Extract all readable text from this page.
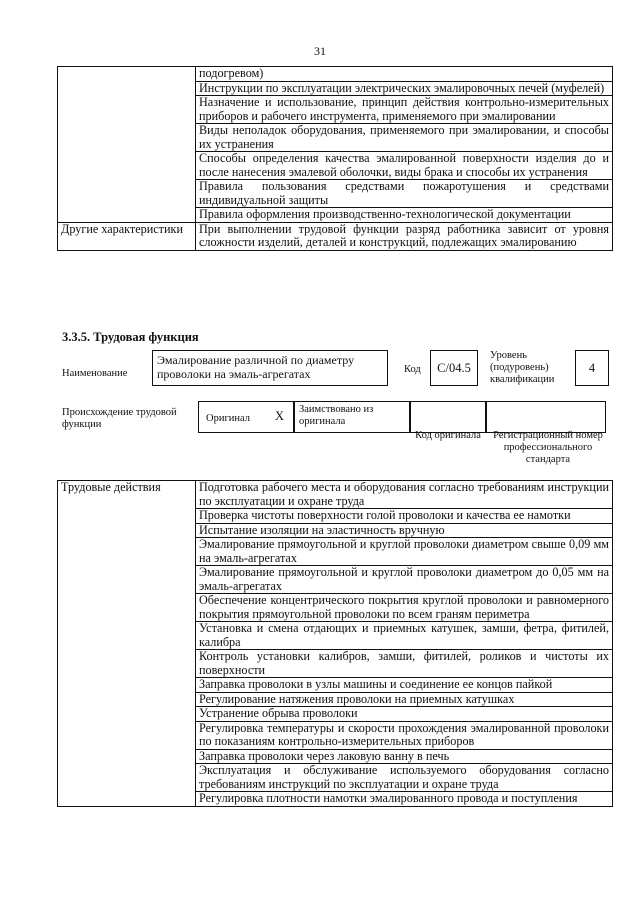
31
	подогревом)
	Инструкции по эксплуатации электрических эмалировочных печей (муфелей)
	Назначение и использование, принцип действия контрольно-измерительных приборов и рабочего инструмента, применяемого при эмалировании
	Виды неполадок оборудования, применяемого при эмалировании, и способы их устранения
	Способы определения качества эмалированной поверхности изделия до и после нанесения эмалевой оболочки, виды брака и способы их устранения
	Правила пользования средствами пожаротушения и средствами индивидуальной защиты
	Правила оформления производственно-технологической документации
Другие характеристики	При выполнении трудовой функции разряд работника зависит от уровня сложности изделий, деталей и конструкций, подлежащих эмалированию
3.3.5. Трудовая функция
Наименование
Эмалирование различной по диаметру проволоки на эмаль-агрегатах	Код	C/04.5
Уровень (подуровень) квалификации
4
Происхождение трудовой функции
Оригинал X	Заимствовано из оригинала
Код оригинала	Регистрационный номер профессионального стандарта
Трудовые действия	Подготовка рабочего места и оборудования согласно требованиям инструкции по эксплуатации и охране труда
Проверка чистоты поверхности голой проволоки и качества ее намотки
Испытание изоляции на эластичность вручную
Эмалирование прямоугольной и круглой проволоки диаметром свыше 0,09 мм на эмаль-агрегатах
Эмалирование прямоугольной и круглой проволоки диаметром до 0,05 мм на эмаль-агрегатах
Обеспечение концентрического покрытия круглой проволоки и равномерного покрытия прямоугольной проволоки по всем граням периметра
Установка и смена отдающих и приемных катушек, замши, фетра, фитилей, калибра
Контроль установки калибров, замши, фитилей, роликов и чистоты их поверхности
Заправка проволоки в узлы машины и соединение ее концов пайкой
Регулирование натяжения проволоки на приемных катушках
Устранение обрыва проволоки
Регулировка температуры и скорости прохождения эмалированной проволоки по показаниям контрольно-измерительных приборов
Заправка проволоки через лаковую ванну в печь
Эксплуатация и обслуживание используемого оборудования согласно требованиям инструкций по эксплуатации и охране труда
Регулировка плотности намотки эмалированного провода и поступления
